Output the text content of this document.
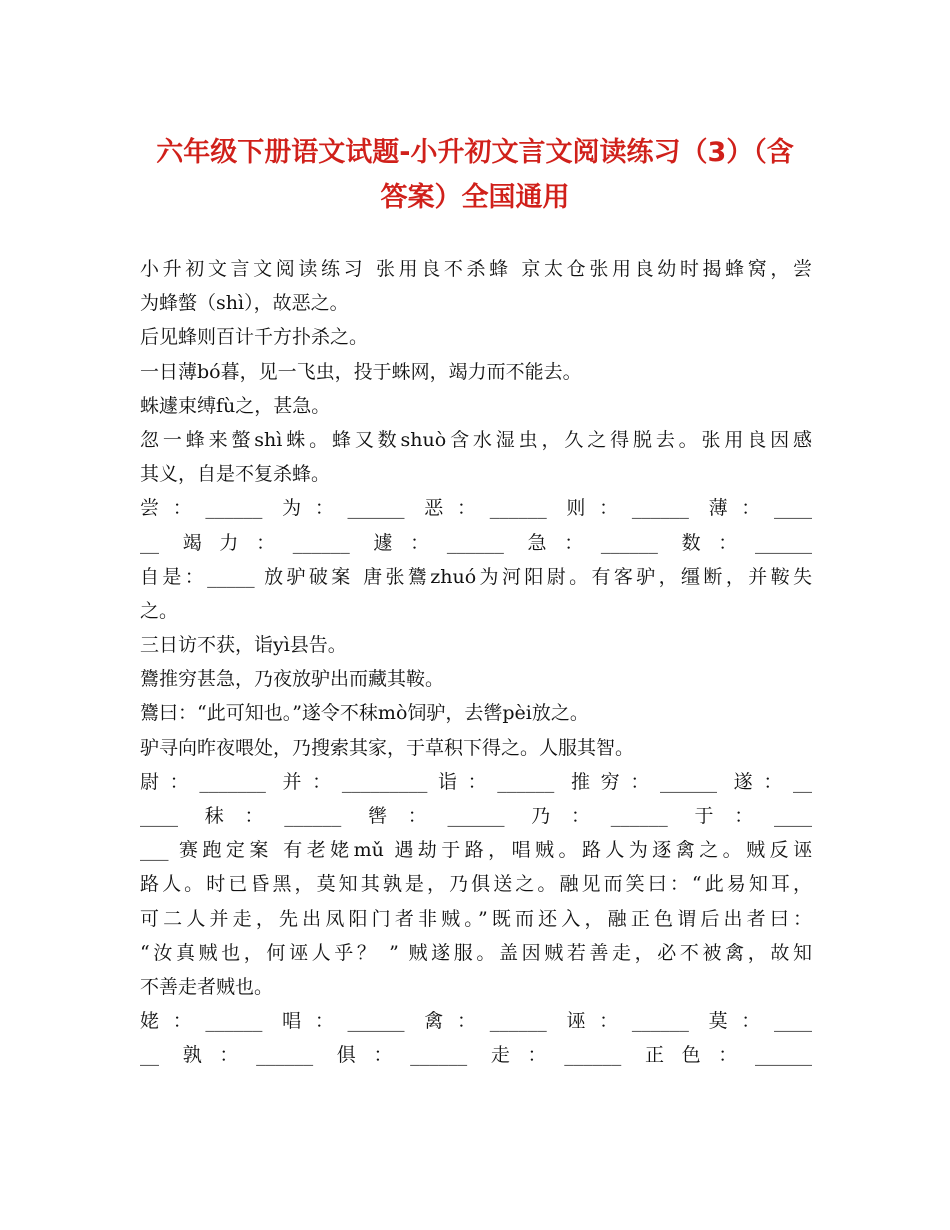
六年级下册语文试题-小升初文言文阅读练习（3）（含
答案）全国通用
小升初文言文阅读练习 张用良不杀蜂 京太仓张用良幼时揭蜂窝，尝
为蜂螫（shì），故恶之。
后见蜂则百计千方扑杀之。
一日薄bó暮，见一飞虫，投于蛛网，竭力而不能去。
蛛遽束缚fù之，甚急。
忽一蜂来螫shì蛛。蜂又数shuò含水湿虫，久之得脱去。张用良因感
其义，自是不复杀蜂。
尝：______ 为：______ 恶：______ 则：______ 薄：____
__ 竭力：______ 遽：______ 急：______ 数：______
自是：_____ 放驴破案 唐张鷟zhuó为河阳尉。有客驴，缰断，并鞍失
之。
三日访不获，诣yì县告。
鷟推穷甚急，乃夜放驴出而藏其鞍。
鷟曰：“此可知也。”遂令不秣mò饲驴，去辔pèi放之。
驴寻向昨夜喂处，乃搜索其家，于草积下得之。人服其智。
尉：_______ 并：_________诣：______ 推穷：______ 遂：__
____ 秣：______ 辔：______ 乃：______ 于：____
___ 赛跑定案 有老姥mǔ 遇劫于路，唱贼。路人为逐禽之。贼反诬
路人。时已昏黑，莫知其孰是，乃俱送之。融见而笑曰：“此易知耳，
可二人并走，先出凤阳门者非贼。”既而还入，融正色谓后出者曰：
“汝真贼也，何诬人乎？ ” 贼遂服。盖因贼若善走，必不被禽，故知
不善走者贼也。
姥：______ 唱：______ 禽：______ 诬：______ 莫：____
__ 孰：______ 俱：______ 走：______ 正色：______
